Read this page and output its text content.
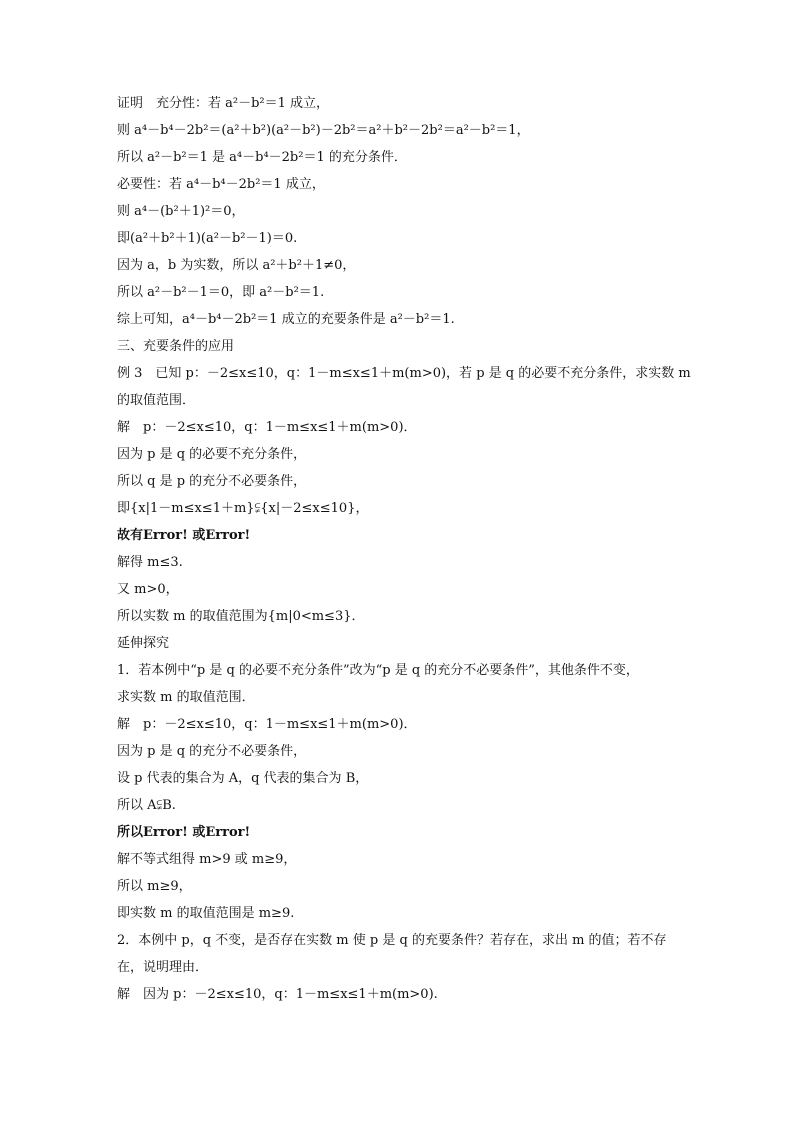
证明　充分性：若 a²－b²＝1 成立，
则 a⁴－b⁴－2b²＝(a²＋b²)(a²－b²)－2b²＝a²＋b²－2b²＝a²－b²＝1，
所以 a²－b²＝1 是 a⁴－b⁴－2b²＝1 的充分条件．
必要性：若 a⁴－b⁴－2b²＝1 成立，
则 a⁴－(b²＋1)²＝0，
即(a²＋b²＋1)(a²－b²－1)＝0.
因为 a，b 为实数，所以 a²＋b²＋1≠0，
所以 a²－b²－1＝0，即 a²－b²＝1.
综上可知，a⁴－b⁴－2b²＝1 成立的充要条件是 a²－b²＝1.
三、充要条件的应用
例 3　已知 p：－2≤x≤10，q：1－m≤x≤1＋m(m>0)，若 p 是 q 的必要不充分条件，求实数 m
的取值范围．
解　p：－2≤x≤10，q：1－m≤x≤1＋m(m>0)．
因为 p 是 q 的必要不充分条件，
所以 q 是 p 的充分不必要条件，
即{x|1－m≤x≤1＋m}⫋{x|－2≤x≤10}，
故有Error! 或Error!
解得 m≤3.
又 m>0，
所以实数 m 的取值范围为{m|0<m≤3}．
延伸探究
1．若本例中“p 是 q 的必要不充分条件”改为“p 是 q 的充分不必要条件”，其他条件不变，
求实数 m 的取值范围．
解　p：－2≤x≤10，q：1－m≤x≤1＋m(m>0)．
因为 p 是 q 的充分不必要条件，
设 p 代表的集合为 A，q 代表的集合为 B，
所以 A⫋B.
所以Error! 或Error!
解不等式组得 m>9 或 m≥9，
所以 m≥9，
即实数 m 的取值范围是 m≥9.
2．本例中 p，q 不变，是否存在实数 m 使 p 是 q 的充要条件？若存在，求出 m 的值；若不存
在，说明理由．
解　因为 p：－2≤x≤10，q：1－m≤x≤1＋m(m>0).
